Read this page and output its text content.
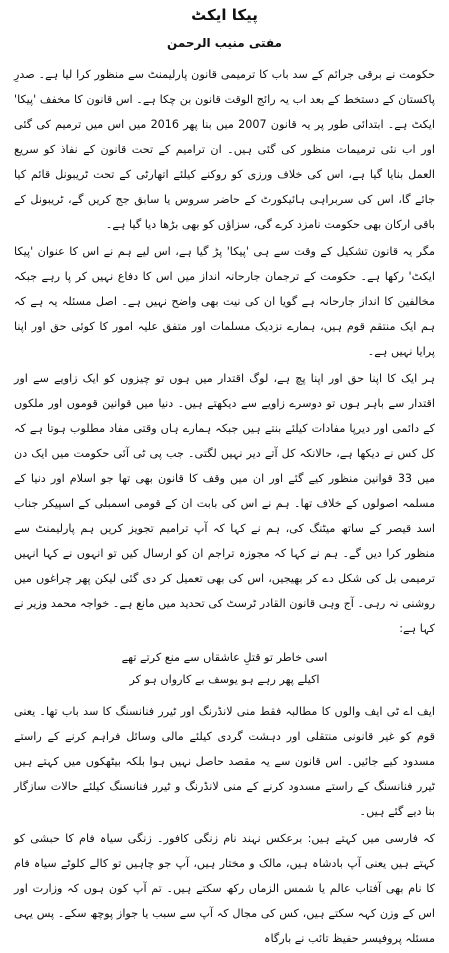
پیکا ایکٹ
مفتی منیب الرحمن

حکومت نے برقی جرائم کے سد باب کا ترمیمی قانون پارلیمنٹ سے منظور کرا لیا ہے۔ صدرِ پاکستان کے دستخط کے بعد اب یہ رائج الوقت قانون بن چکا ہے۔ اس قانون کا مخفف 'پیکا' ایکٹ ہے۔ ابتدائی طور پر یہ قانون 2007 میں بنا پھر 2016 میں اس میں ترمیم کی گئی اور اب نئی ترمیمات منظور کی گئی ہیں۔ ان ترامیم کے تحت قانون کے نفاذ کو سریع العمل بنایا گیا ہے، اس کی خلاف ورزی کو روکنے کیلئے اتھارٹی کے تحت ٹریبونل قائم کیا جائے گا، اس کی سربراہی ہائیکورٹ کے حاضر سروس یا سابق جج کریں گے، ٹریبونل کے باقی ارکان بھی حکومت نامزد کرے گی، سزاؤں کو بھی بڑھا دیا گیا ہے۔

مگر یہ قانون تشکیل کے وقت سے ہی 'پیکا' پڑ گیا ہے، اس لیے ہم نے اس کا عنوان 'پیکا ایکٹ' رکھا ہے۔ حکومت کے ترجمان جارحانہ انداز میں اس کا دفاع نہیں کر پا رہے جبکہ مخالفین کا انداز جارحانہ ہے گویا ان کی نیت بھی واضح نہیں ہے۔ اصل مسئلہ یہ ہے کہ ہم ایک منتقم قوم ہیں، ہمارے نزدیک مسلمات اور متفق علیہ امور کا کوئی حق اور اپنا پرایا نہیں ہے۔

ہر ایک کا اپنا حق اور اپنا پچ ہے، لوگ اقتدار میں ہوں تو چیزوں کو ایک زاویے سے اور اقتدار سے باہر ہوں تو دوسرے زاویے سے دیکھتے ہیں۔ دنیا میں قوانین قوموں اور ملکوں کے دائمی اور دیرپا مفادات کیلئے بنتے ہیں جبکہ ہمارے ہاں وقتی مفاد مطلوب ہوتا ہے کہ کل کس نے دیکھا ہے، حالانکہ کل آتے دیر نہیں لگتی۔ جب پی ٹی آئی حکومت میں ایک دن میں 33 قوانین منظور کیے گئے اور ان میں وقف کا قانون بھی تھا جو اسلام اور دنیا کے مسلمہ اصولوں کے خلاف تھا۔ ہم نے اس کی بابت ان کے قومی اسمبلی کے اسپیکر جناب اسد قیصر کے ساتھ میٹنگ کی، ہم نے کہا کہ آپ ترامیم تجویز کریں ہم پارلیمنٹ سے منظور کرا دیں گے۔ ہم نے کہا کہ مجوزہ تراجم ان کو ارسال کیں تو انہوں نے کہا انہیں ترمیمی بل کی شکل دے کر بھیجیں، اس کی بھی تعمیل کر دی گئی لیکن پھر چراغوں میں روشنی نہ رہی۔ آج وہی قانون القادر ٹرسٹ کی تحدید میں مانع ہے۔ خواجہ محمد وزیر نے کہا ہے:

اسی خاطر تو قتلِ عاشقاں سے منع کرتے تھے
اکیلے پھر رہے ہو یوسف بے کارواں ہو کر

ایف اے ٹی ایف والوں کا مطالبہ فقط منی لانڈرنگ اور ٹیرر فنانسنگ کا سد باب تھا۔ یعنی قوم کو غیر قانونی منتقلی اور دہشت گردی کیلئے مالی وسائل فراہم کرنے کے راستے مسدود کیے جائیں۔ اس قانون سے یہ مقصد حاصل نہیں ہوا بلکہ بیٹھکوں میں کہتے ہیں ٹیرر فنانسنگ کے راستے مسدود کرنے کے منی لانڈرنگ و ٹیرر فنانسنگ کیلئے حالات سازگار بنا دیے گئے ہیں۔

کہ فارسی میں کہتے ہیں: برعکس نہند نام زنگی کافور۔ زنگی سیاہ فام کا حبشی کو کہتے ہیں یعنی آپ بادشاہ ہیں، مالک و مختار ہیں، آپ جو چاہیں تو کالے کلوٹے سیاہ فام کا نام بھی آفتاب عالم یا شمس الزماں رکھ سکتے ہیں۔ تم آپ کون ہوں کہ وزارت اور اس کے وزن کہہ سکتے ہیں، کس کی مجال کہ آپ سے سبب یا جواز پوچھ سکے۔ پس یہی مسئلہ پروفیسر حفیظ تائب نے بارگاہ
